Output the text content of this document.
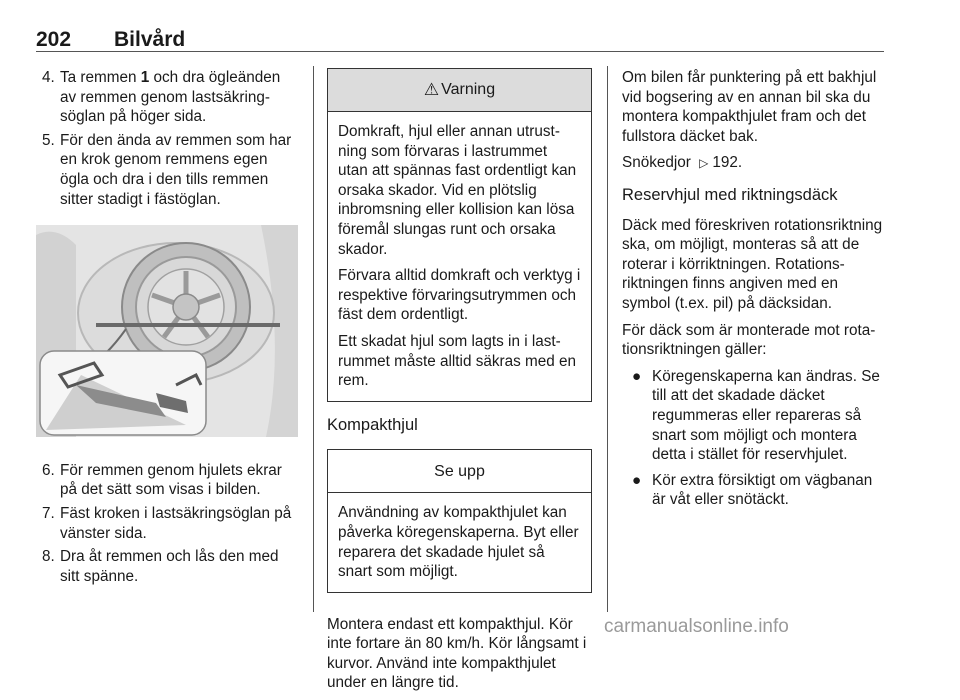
202 Bilvård
4. Ta remmen 1 och dra ögleänden av remmen genom lastsäkringsöglan på höger sida.
5. För den ända av remmen som har en krok genom remmens egen ögla och dra i den tills remmen sitter stadigt i fästöglan.
6. För remmen genom hjulets ekrar på det sätt som visas i bilden.
7. Fäst kroken i lastsäkringsöglan på vänster sida.
8. Dra åt remmen och lås den med sitt spänne.
⚠ Varning

Domkraft, hjul eller annan utrustning som förvaras i lastrummet utan att spännas fast ordentligt kan orsaka skador. Vid en plötslig inbromsning eller kollision kan lösa föremål slungas runt och orsaka skador.

Förvara alltid domkraft och verktyg i respektive förvaringsutrymmen och fäst dem ordentligt.

Ett skadat hjul som lagts in i lastrummet måste alltid säkras med en rem.

Kompakthjul
Se upp

Användning av kompakthjulet kan påverka köregenskaperna. Byt eller reparera det skadade hjulet så snart som möjligt.

Montera endast ett kompakthjul. Kör inte fortare än 80 km/h. Kör långsamt i kurvor. Använd inte kompakthjulet under en längre tid.

Om bilen får punktering på ett bakhjul vid bogsering av en annan bil ska du montera kompakthjulet fram och det fullstora däcket bak.

Snökedjor ▷ 192.

Reservhjul med riktningsdäck

Däck med föreskriven rotationsriktning ska, om möjligt, monteras så att de roterar i körriktningen. Rotationsriktningen finns angiven med en symbol (t.ex. pil) på däcksidan.

För däck som är monterade mot rotationsriktningen gäller:

● Köregenskaperna kan ändras. Se till att det skadade däcket regummeras eller repareras så snart som möjligt och montera detta i stället för reservhjulet.
● Kör extra försiktigt om vägbanan är våt eller snötäckt.
carmanualsonline.info
